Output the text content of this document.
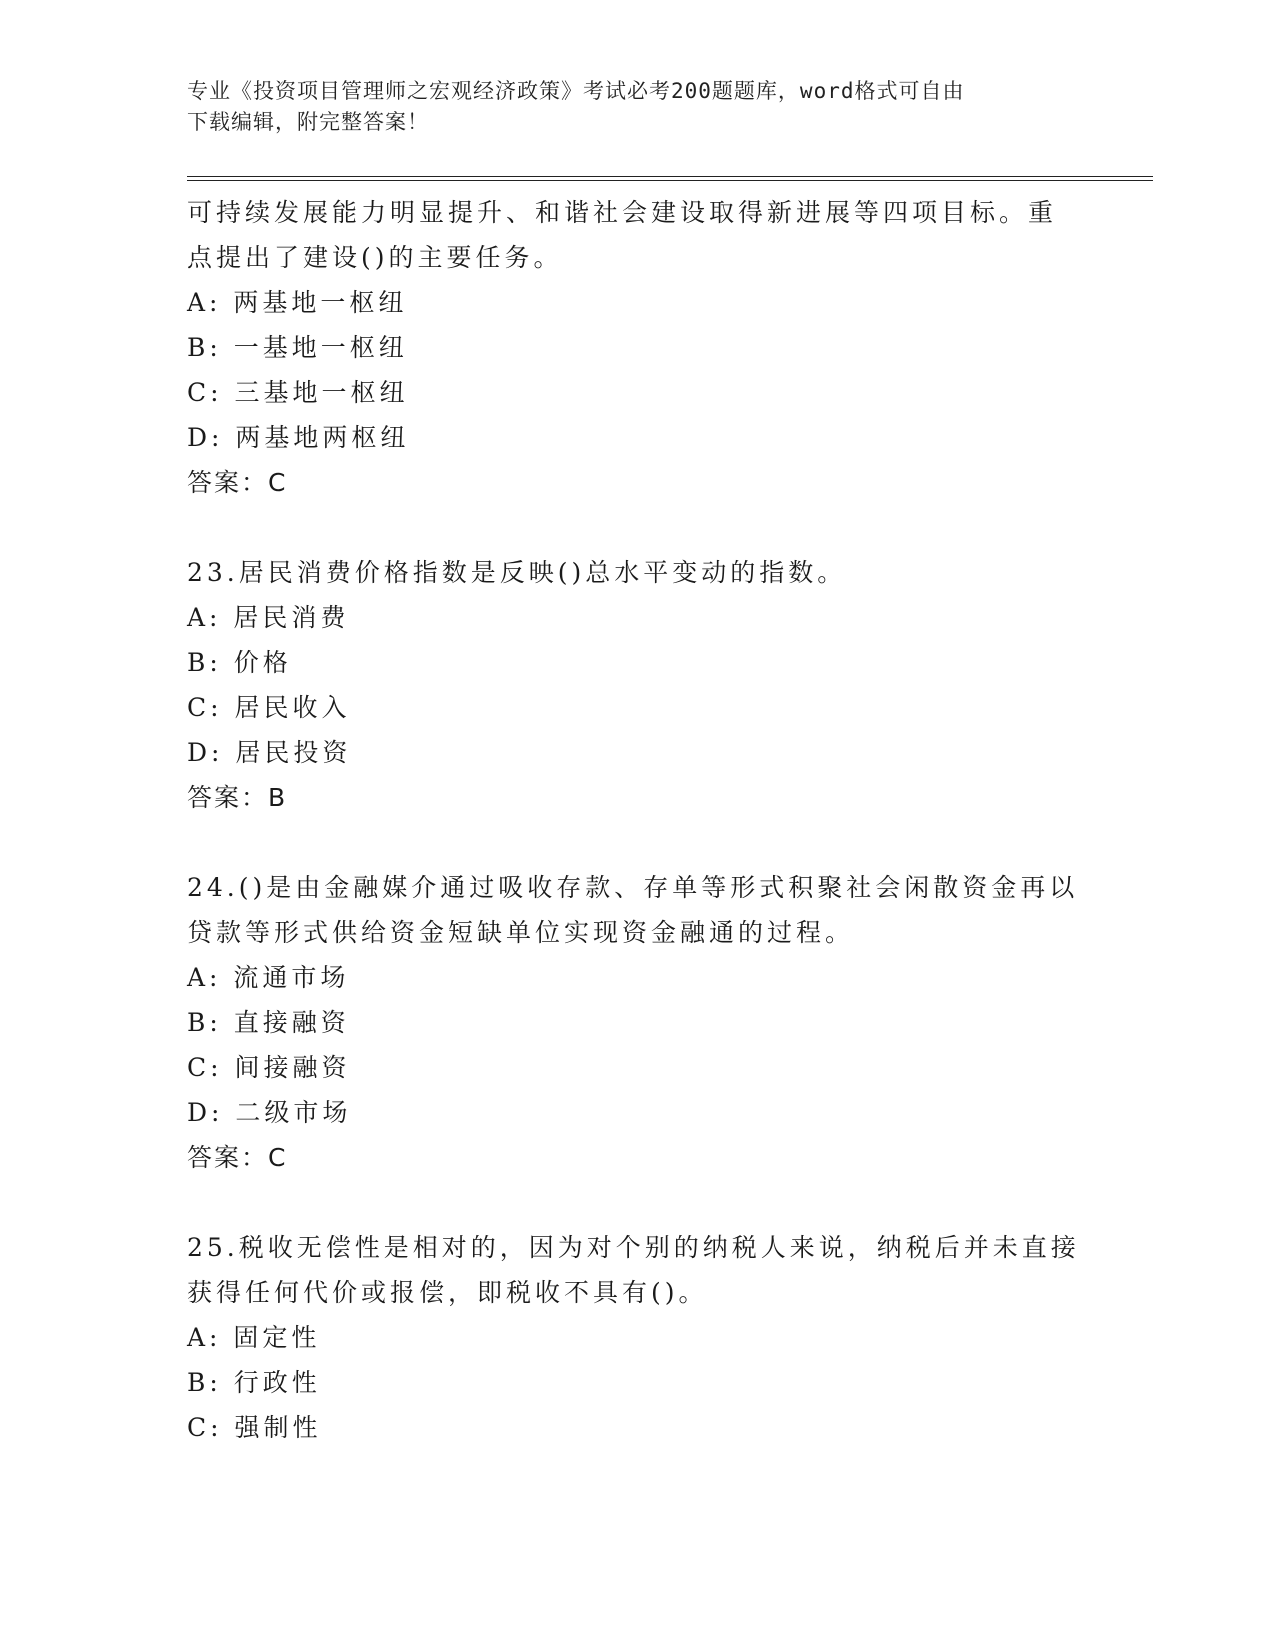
专业《投资项目管理师之宏观经济政策》考试必考200题题库，word格式可自由
下载编辑，附完整答案！
可持续发展能力明显提升、和谐社会建设取得新进展等四项目标。重
点提出了建设()的主要任务。
A: 两基地一枢纽
B: 一基地一枢纽
C: 三基地一枢纽
D: 两基地两枢纽
答案：C
23.居民消费价格指数是反映()总水平变动的指数。
A: 居民消费
B: 价格
C: 居民收入
D: 居民投资
答案：B
24.()是由金融媒介通过吸收存款、存单等形式积聚社会闲散资金再以
贷款等形式供给资金短缺单位实现资金融通的过程。
A: 流通市场
B: 直接融资
C: 间接融资
D: 二级市场
答案：C
25.税收无偿性是相对的，因为对个别的纳税人来说，纳税后并未直接
获得任何代价或报偿，即税收不具有()。
A: 固定性
B: 行政性
C: 强制性
